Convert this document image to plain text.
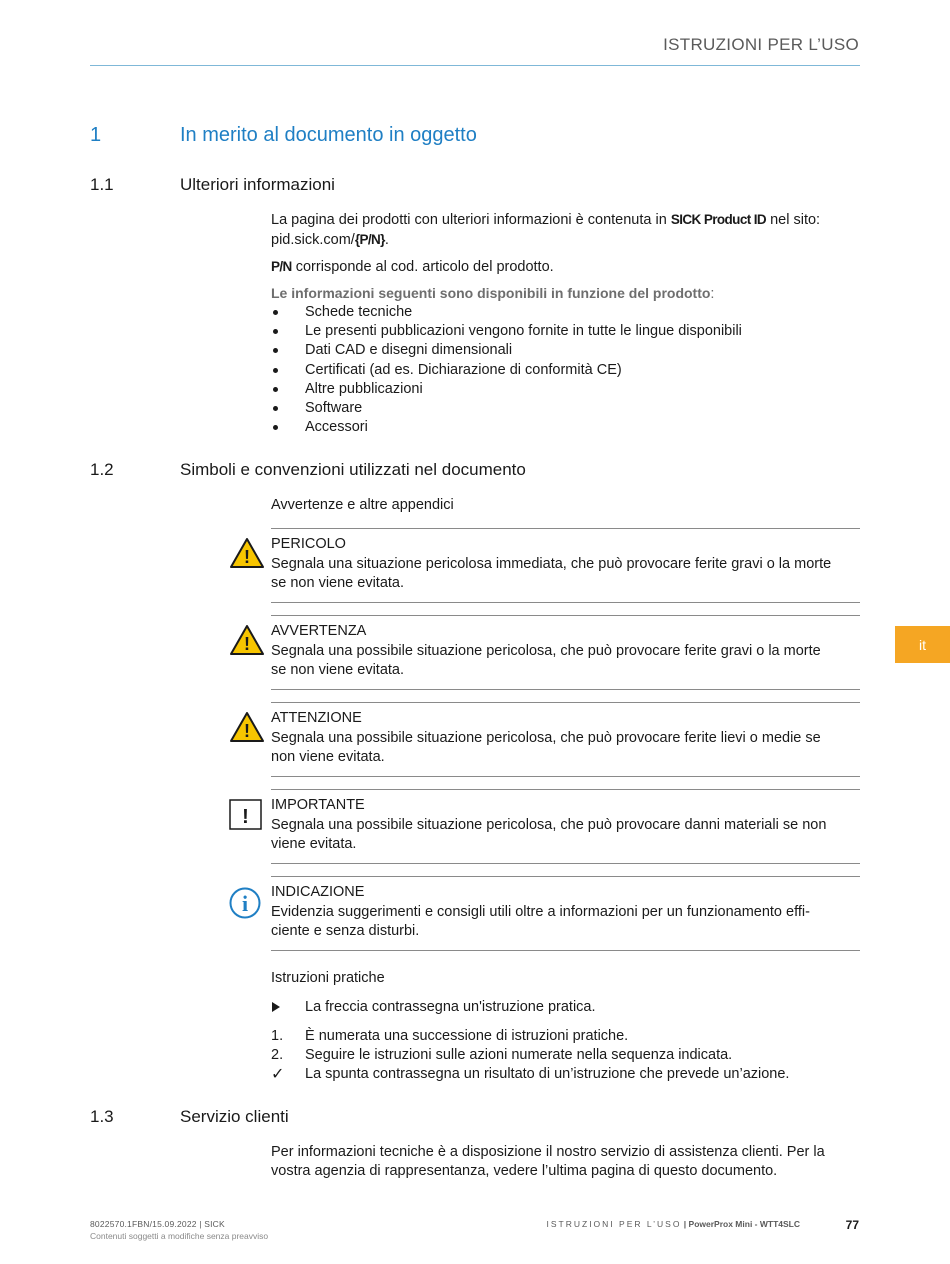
ISTRUZIONI PER L’USO
1	In merito al documento in oggetto
1.1	Ulteriori informazioni
La pagina dei prodotti con ulteriori informazioni è contenuta in SICK Product ID nel sito:
pid.sick.com/{P/N}.
P/N corrisponde al cod. articolo del prodotto.
Le informazioni seguenti sono disponibili in funzione del prodotto:
Schede tecniche
Le presenti pubblicazioni vengono fornite in tutte le lingue disponibili
Dati CAD e disegni dimensionali
Certificati (ad es. Dichiarazione di conformità CE)
Altre pubblicazioni
Software
Accessori
1.2	Simboli e convenzioni utilizzati nel documento
Avvertenze e altre appendici
!
PERICOLO
Segnala una situazione pericolosa immediata, che può provocare ferite gravi o la morte
se non viene evitata.
!
AVVERTENZA
Segnala una possibile situazione pericolosa, che può provocare ferite gravi o la morte
se non viene evitata.
!
ATTENZIONE
Segnala una possibile situazione pericolosa, che può provocare ferite lievi o medie se
non viene evitata.
!
IMPORTANTE
Segnala una possibile situazione pericolosa, che può provocare danni materiali se non
viene evitata.
i INDICAZIONE
Evidenzia suggerimenti e consigli utili oltre a informazioni per un funzionamento effi-
ciente e senza disturbi.
Istruzioni pratiche
La freccia contrassegna un'istruzione pratica.
1. È numerata una successione di istruzioni pratiche.
2. Seguire le istruzioni sulle azioni numerate nella sequenza indicata.
✓ La spunta contrassegna un risultato di un’istruzione che prevede un’azione.
1.3	Servizio clienti
Per informazioni tecniche è a disposizione il nostro servizio di assistenza clienti. Per la
vostra agenzia di rappresentanza, vedere l’ultima pagina di questo documento.
it
8022570.1FBN/15.09.2022 | SICK
Contenuti soggetti a modifiche senza preavviso
ISTRUZIONI PER L’USO | PowerProx Mini - WTT4SLC	77
